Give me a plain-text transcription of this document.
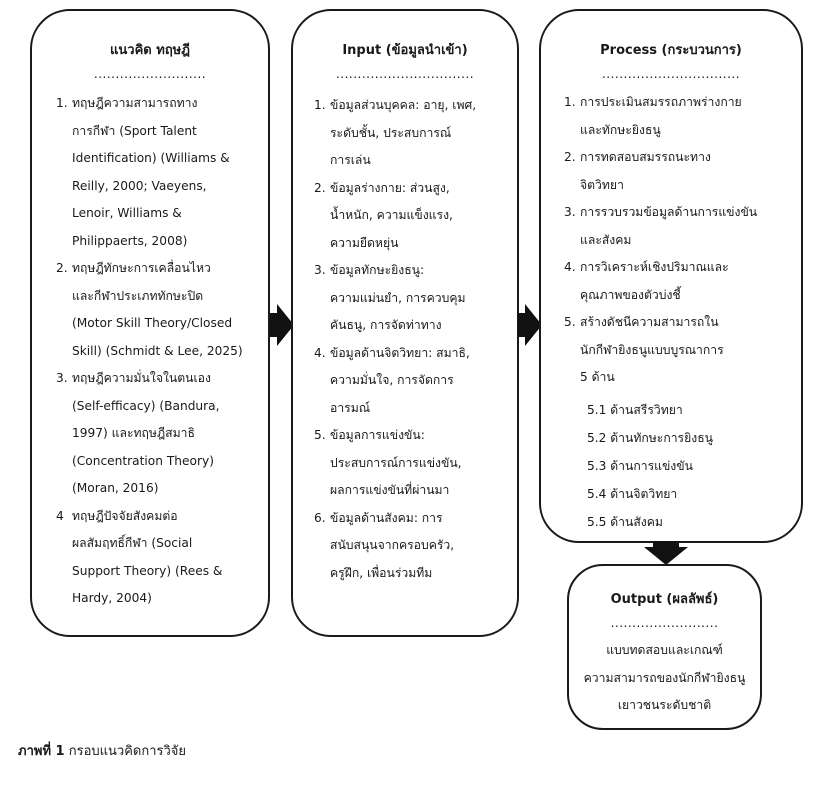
แนวคิด ทฤษฎี
..........................
1. ทฤษฎีความสามารถทาง
การกีฬา (Sport Talent
Identification) (Williams &
Reilly, 2000; Vaeyens,
Lenoir, Williams &
Philippaerts, 2008)
2. ทฤษฎีทักษะการเคลื่อนไหว
และกีฬาประเภททักษะปิด
(Motor Skill Theory/Closed
Skill) (Schmidt & Lee, 2025)
3. ทฤษฎีความมั่นใจในตนเอง
(Self-efficacy) (Bandura,
1997) และทฤษฎีสมาธิ
(Concentration Theory)
(Moran, 2016)
4 ทฤษฎีปัจจัยสังคมต่อ
ผลสัมฤทธิ์กีฬา (Social
Support Theory) (Rees &
Hardy, 2004)
Input (ข้อมูลนำเข้า)
................................
1. ข้อมูลส่วนบุคคล: อายุ, เพศ,
ระดับชั้น, ประสบการณ์
การเล่น
2. ข้อมูลร่างกาย: ส่วนสูง,
น้ำหนัก, ความแข็งแรง,
ความยืดหยุ่น
3. ข้อมูลทักษะยิงธนู:
ความแม่นยำ, การควบคุม
คันธนู, การจัดท่าทาง
4. ข้อมูลด้านจิตวิทยา: สมาธิ,
ความมั่นใจ, การจัดการ
อารมณ์
5. ข้อมูลการแข่งขัน:
ประสบการณ์การแข่งขัน,
ผลการแข่งขันที่ผ่านมา
6. ข้อมูลด้านสังคม: การ
สนับสนุนจากครอบครัว,
ครูฝึก, เพื่อนร่วมทีม
Process (กระบวนการ)
................................
1. การประเมินสมรรถภาพร่างกาย
และทักษะยิงธนู
2. การทดสอบสมรรถนะทาง
จิตวิทยา
3. การรวบรวมข้อมูลด้านการแข่งขัน
และสังคม
4. การวิเคราะห์เชิงปริมาณและ
คุณภาพของตัวบ่งชี้
5. สร้างดัชนีความสามารถใน
นักกีฬายิงธนูแบบบูรณาการ
5 ด้าน
5.1 ด้านสรีรวิทยา
5.2 ด้านทักษะการยิงธนู
5.3 ด้านการแข่งขัน
5.4 ด้านจิตวิทยา
5.5 ด้านสังคม
Output (ผลลัพธ์)
.........................
แบบทดสอบและเกณฑ์
ความสามารถของนักกีฬายิงธนู
เยาวชนระดับชาติ
ภาพที่ 1 กรอบแนวคิดการวิจัย
